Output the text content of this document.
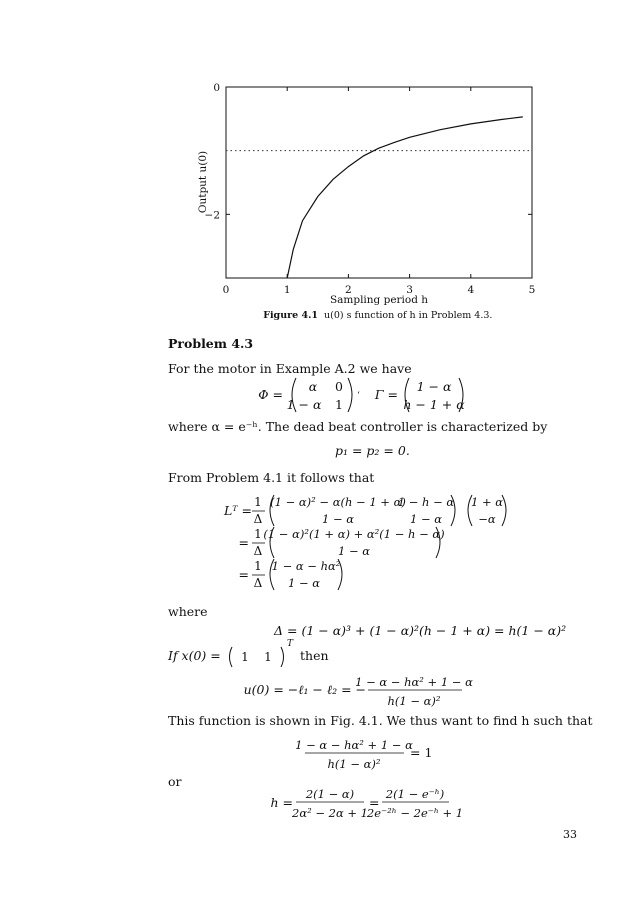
0	1	2	3	4	5
0
−2
Sampling period h
Output u(0)
Figure 4.1 u(0) s function of h in Problem 4.3.
Problem 4.3
For the motor in Example A.2 we have
Φ =
α 0
1 − α 1
‘ Γ =
1 − α
h − 1 + α
where α = e⁻ʰ. The dead beat controller is characterized by
p₁ = p₂ = 0.
From Problem 4.1 it follows that
Lᵀ =
1
Δ
(1 − α)² − α(h − 1 + α)
1 − h − α
1 − α	1 − α
1 + α
−α
=
1
Δ
(1 − α)²(1 + α) + α²(1 − h − α)
1 − α
=
1
Δ
1 − α − hα²
1 − α
where
Δ = (1 − α)³ + (1 − α)²(h − 1 + α) = h(1 − α)²
If x(0) = 1 1
T
then
u(0) = −ℓ₁ − ℓ₂ = −
1 − α − hα² + 1 − α
h(1 − α)²
This function is shown in Fig. 4.1. We thus want to find h such that
1 − α − hα² + 1 − α
h(1 − α)²
= 1
or
h =
2(1 − α)
2α² − 2α + 1
=
2(1 − e⁻ʰ)
2e⁻²ʰ − 2e⁻ʰ + 1
33
